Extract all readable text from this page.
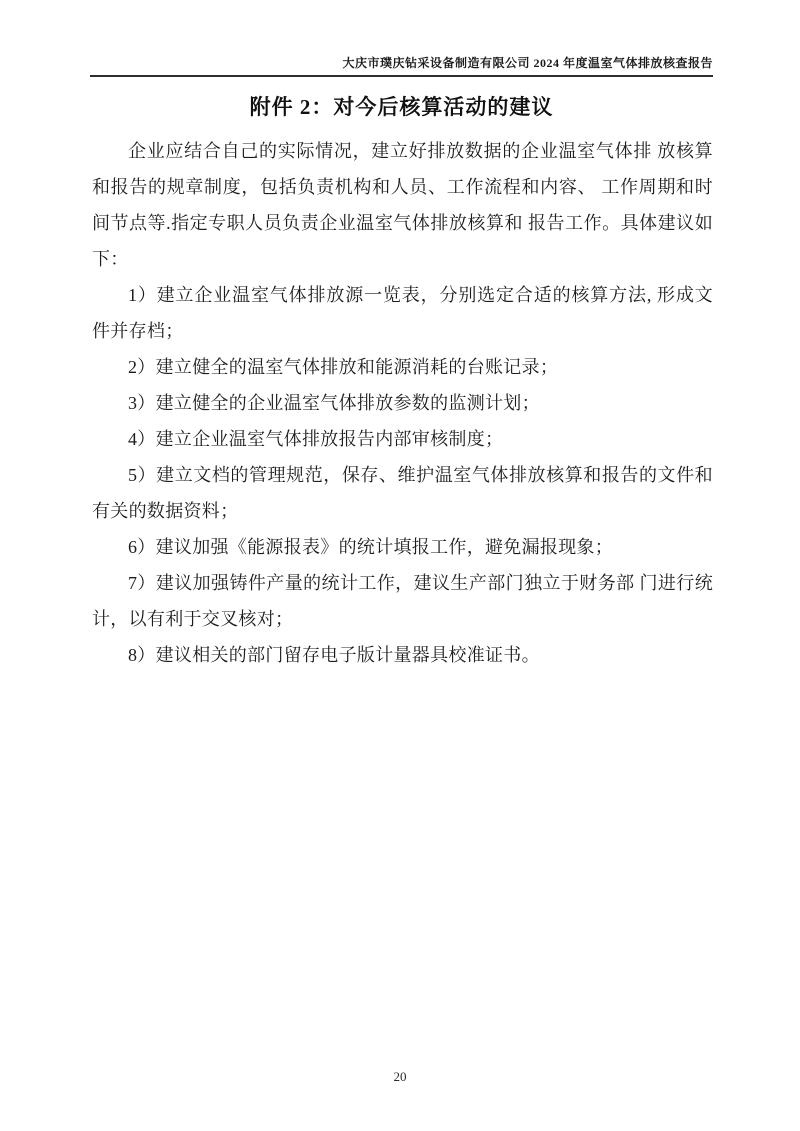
大庆市璞庆钻采设备制造有限公司 2024 年度温室气体排放核查报告
附件 2：对今后核算活动的建议

企业应结合自己的实际情况，建立好排放数据的企业温室气体排 放核算和报告的规章制度，包括负责机构和人员、工作流程和内容、 工作周期和时间节点等.指定专职人员负责企业温室气体排放核算和 报告工作。具体建议如下：

1）建立企业温室气体排放源一览表，分别选定合适的核算方法, 形成文件并存档；

2）建立健全的温室气体排放和能源消耗的台账记录；

3）建立健全的企业温室气体排放参数的监测计划；

4）建立企业温室气体排放报告内部审核制度；

5）建立文档的管理规范，保存、维护温室气体排放核算和报告的文件和有关的数据资料；

6）建议加强《能源报表》的统计填报工作，避免漏报现象；

7）建议加强铸件产量的统计工作，建议生产部门独立于财务部 门进行统计，以有利于交叉核对；

8）建议相关的部门留存电子版计量器具校准证书。

20
